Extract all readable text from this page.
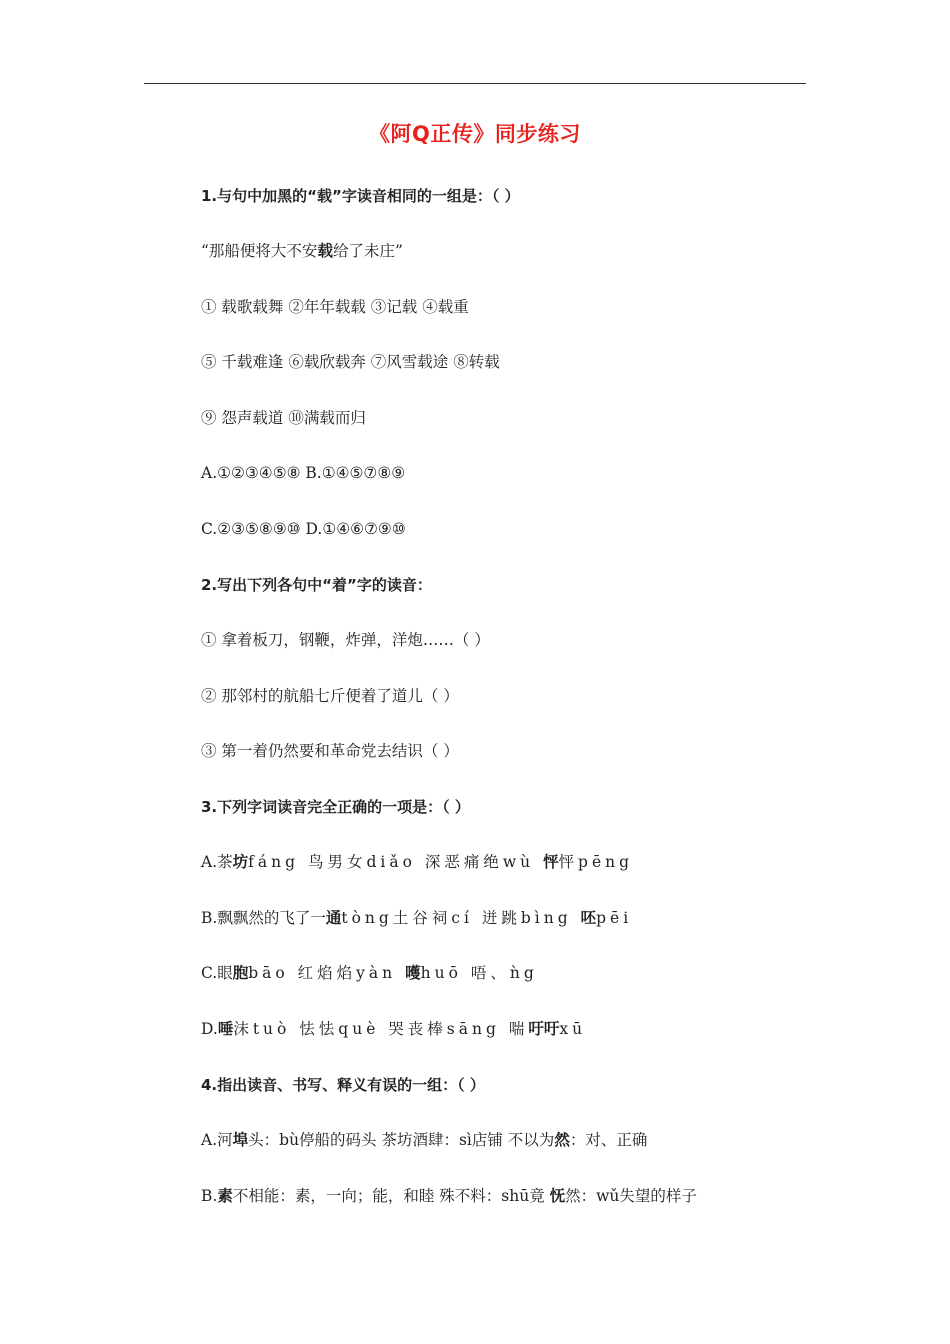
《阿Q正传》同步练习
1.与句中加黑的“载”字读音相同的一组是：（ ）
“那船便将大不安载给了未庄”
① 载歌载舞 ②年年载载 ③记载 ④载重
⑤ 千载难逢 ⑥载欣载奔 ⑦风雪载途 ⑧转载
⑨ 怨声载道 ⑩满载而归
A.①②③④⑤⑧ B.①④⑤⑦⑧⑨
C.②③⑤⑧⑨⑩ D.①④⑥⑦⑨⑩
2.写出下列各句中“着”字的读音：
① 拿着板刀，钢鞭，炸弹，洋炮……（ ）
② 那邻村的航船七斤便着了道儿（ ）
③ 第一着仍然要和革命党去结识（ ）
3.下列字词读音完全正确的一项是：（ ）
A.茶坊fáng 鸟男女diǎo 深恶痛绝wù 怦怦pēng
B.飘飘然的飞了一通tòng土谷祠cí 迸跳bìng 呸pēi
C.眼胞bāo 红焰焰yàn 嚄huō 唔、ǹg
D.唾沫tuò 怯怯què 哭丧棒sāng 喘吁吁xū
4.指出读音、书写、释义有误的一组：（ ）
A.河埠头：bù停船的码头 茶坊酒肆：sì店铺 不以为然：对、正确
B.素不相能：素，一向；能，和睦 殊不料：shū竟 怃然：wǔ失望的样子
